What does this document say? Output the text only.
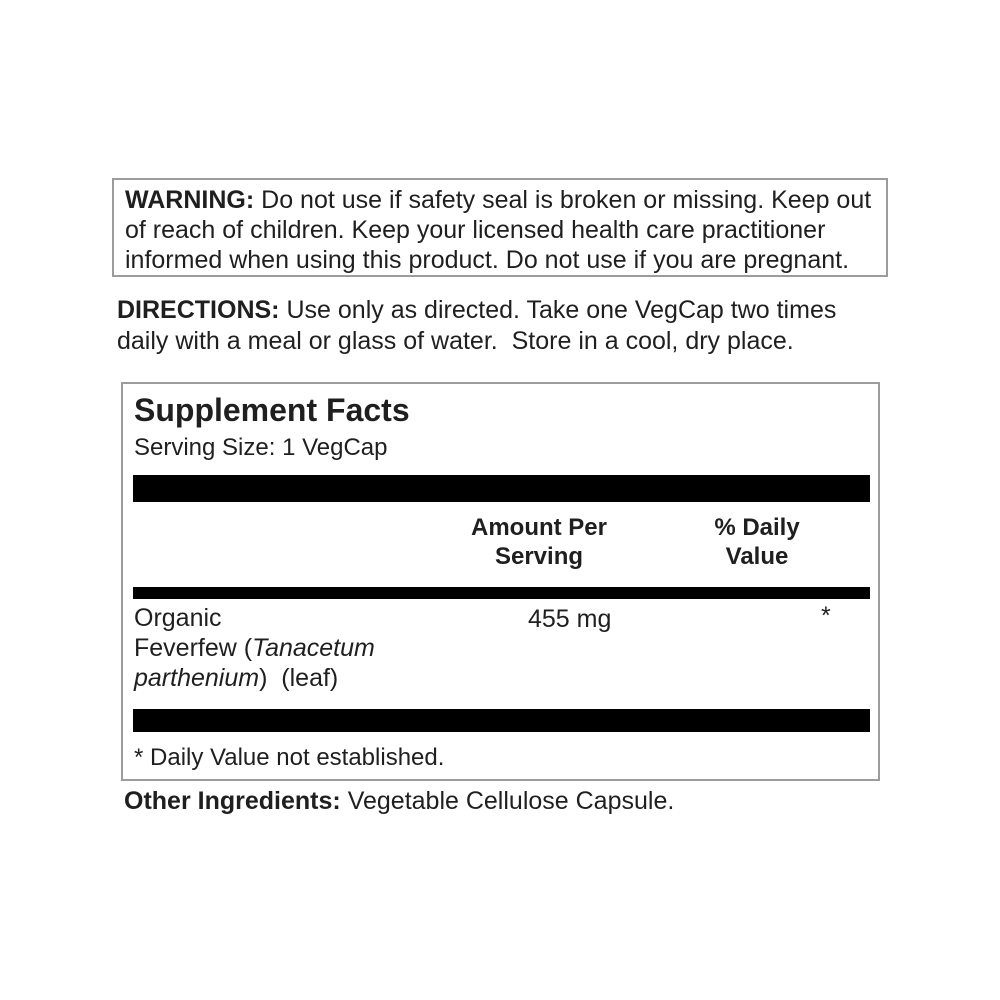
WARNING: Do not use if safety seal is broken or missing. Keep out
of reach of children. Keep your licensed health care practitioner
informed when using this product. Do not use if you are pregnant.
DIRECTIONS: Use only as directed. Take one VegCap two times
daily with a meal or glass of water.  Store in a cool, dry place.
Supplement Facts
Serving Size: 1 VegCap
Amount Per
Serving
% Daily
Value
Organic
Feverfew (Tanacetum
parthenium)  (leaf)
455 mg	*
* Daily Value not established.
Other Ingredients: Vegetable Cellulose Capsule.
